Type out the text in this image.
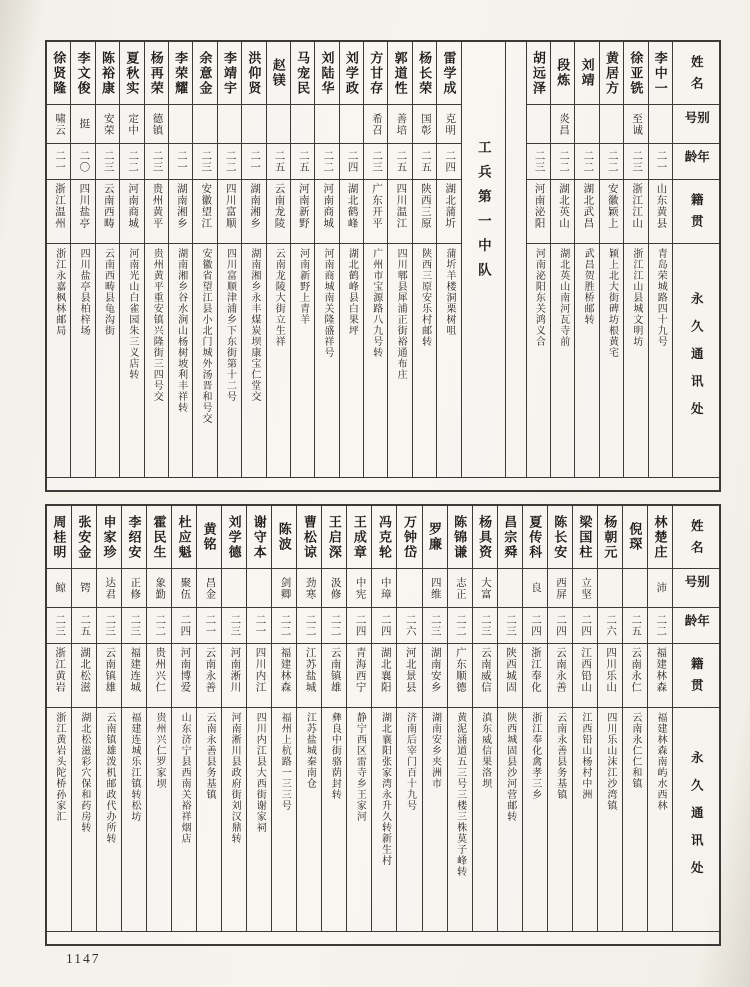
姓名
别号
年龄
籍贯
永久通讯处
李中一
二一
山东黄县
青岛荣城路四十九号
徐亚铣
至诚
二三
浙江江山
浙江江山县城文明坊
黄居方
二二
安徽颖上
颖上北大街碑坊根黄宅
刘靖
二二
湖北武昌
武昌贺胜桥邮转
段炼
炎昌
二二
湖北英山
湖北英山南河瓦寺前
胡远泽
二三
河南泌阳
河南泌阳东关鸿义合
工兵第一中队
雷学成
克明
二四
湖北蒲圻
蒲圻羊楼洞栗树咀
杨长荣
国彰
二五
陕西三原
陕西三原安乐村邮转
郭道性
善培
二五
四川温江
四川郫县犀浦正街裕通布庄
方甘存
希召
二三
广东开平
广州市宝源路八九号转
刘学政
二四
湖北鹤峰
湖北鹤峰县白果坪
刘陆华
二二
河南商城
河南商城南关隆盛祥号
马宠民
二五
河南新野
河南新野上青羊
赵镁
二五
云南龙陵
云南龙陵大街立生祥
洪仰贤
二一
湖南湘乡
湖南湘乡永丰煤炭坝康宝仁堂交
李靖宇
二二
四川富顺
四川富顺津浦乡下东街第十二号
余意金
二三
安徽望江
安徽省望江县小北门城外汤晋和号交
李荣耀
二一
湖南湘乡
湖南湘乡谷水涧山杨树坡利丰祥转
杨再荣
德镇
二三
贵州黄平
贵州黄平重安镇兴隆街三四号交
夏秋实
定中
二二
河南商城
河南光山白雀园朱三义店转
陈裕康
安荣
二三
云南西畴
云南西畴县龟沟街
李文俊
挺
二〇
四川盐亭
四川盐亭县柏梓场
徐贤隆
啸云
二一
浙江温州
浙江永嘉枫林邮局
姓名
别号
年龄
籍贯
永久通讯处
林楚庄
沛
二二
福建林森
福建林森南屿水西林
倪琛
二五
云南永仁
云南永仁仁和镇
杨朝元
二六
四川乐山
四川乐山沫江沙湾镇
梁国柱
立坚
二四
江西铅山
江西铅山杨村中洲
陈长安
西屏
二四
云南永善
云南永善县务基镇
夏传科
良
二四
浙江奉化
浙江奉化禽孝三乡
昌宗舜
二三
陕西城固
陕西城固县沙河营邮转
杨具资
大富
二三
云南威信
滇东威信果洛坝
陈锦谦
志正
二二
广东顺德
黄泥涌道五三号三楼三株莫子峰转
罗廉
四维
二三
湖南安乡
湖南安乡夹洲市
万钟岱
二六
河北景县
济南后宰门百十九号
冯克轮
中璋
二四
湖北襄阳
湖北襄阳张家湾永升久转新生村
王成章
中宪
二四
青海西宁
静宁西区雷寺乡王家河
王启深
汲修
二二
云南镇雄
彝良中街骆荫封转
曹松谅
劲寒
二二
江苏盐城
江苏盐城秦南仓
陈波
剑卿
二二
福建林森
福州上杭路一三三号
谢守本
二一
四川内江
四川内江县大西街谢家祠
刘学德
二三
河南淅川
河南淅川县政府街刘汉鼎转
黄铭
昌金
二一
云南永善
云南永善县务基镇
杜应魁
聚伍
二四
河南博爱
山东济宁县西南关裕祥烟店
霍民生
象勤
二二
贵州兴仁
贵州兴仁罗家坝
李绍安
正修
二三
福建连城
福建连城乐江镇转松坊
申家珍
达君
二三
云南镇雄
云南镇雄泼机邮政代办所转
张安金
锷
二五
湖北松滋
湖北松滋彩穴保和药房转
周桂明
鲸
二三
浙江黄岩
浙江黄岩头陀桥孙家汇
1147
